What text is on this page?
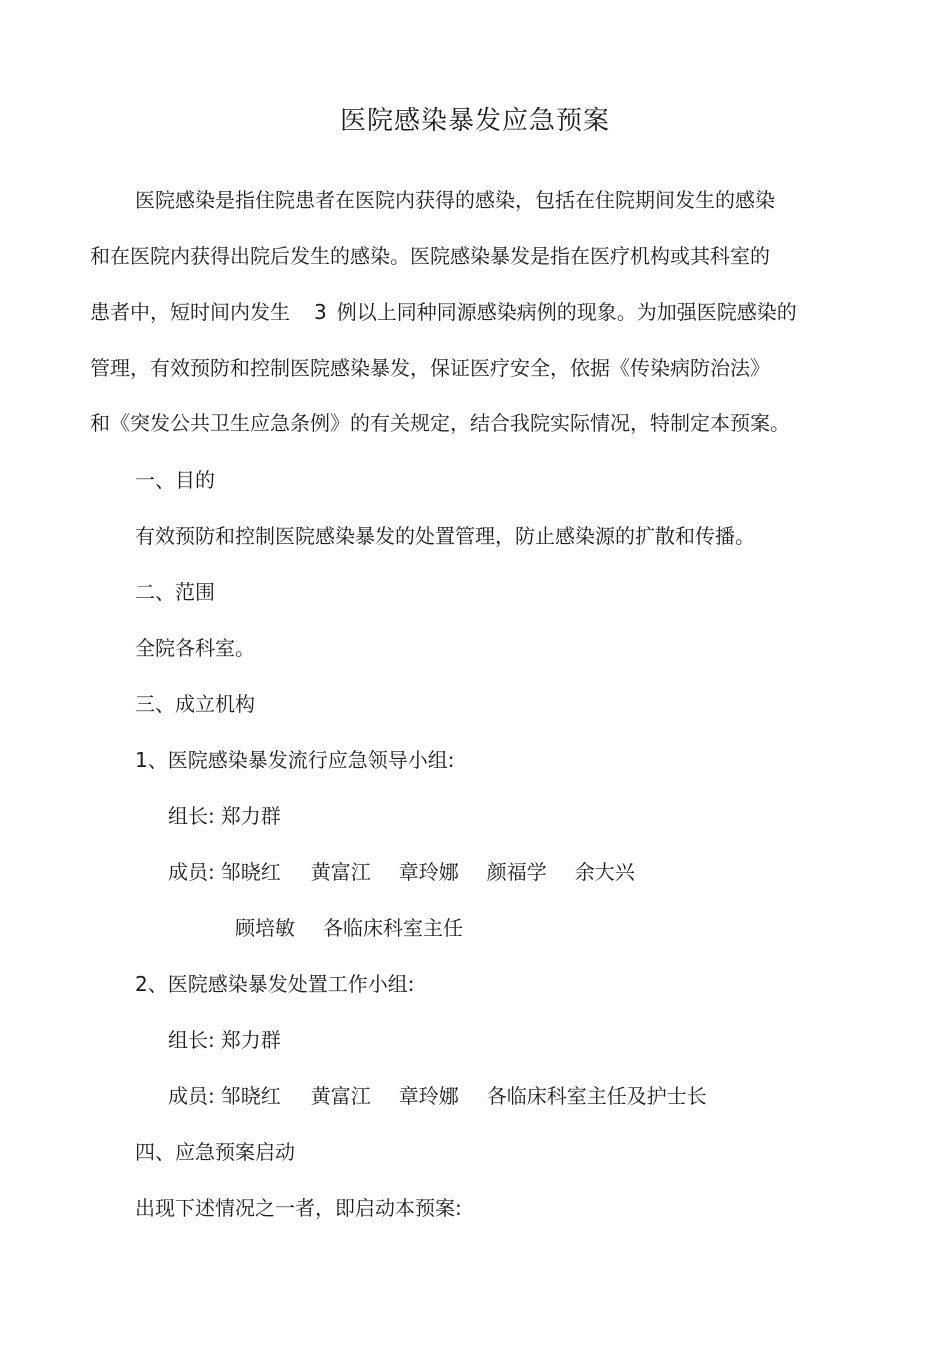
医院感染暴发应急预案
医院感染是指住院患者在医院内获得的感染，包括在住院期间发生的感染
和在医院内获得出院后发生的感染。医院感染暴发是指在医疗机构或其科室的
患者中，短时间内发生 3 例以上同种同源感染病例的现象。为加强医院感染的
管理，有效预防和控制医院感染暴发，保证医疗安全，依据《传染病防治法》
和《突发公共卫生应急条例》的有关规定，结合我院实际情况，特制定本预案。
一、目的
有效预防和控制医院感染暴发的处置管理，防止感染源的扩散和传播。
二、范围
全院各科室。
三、成立机构
1、医院感染暴发流行应急领导小组:
组长: 郑力群
成员: 邹晓红 黄富江 章玲娜 颜福学 余大兴
顾培敏 各临床科室主任
2、医院感染暴发处置工作小组:
组长: 郑力群
成员: 邹晓红 黄富江 章玲娜 各临床科室主任及护士长
四、应急预案启动
出现下述情况之一者，即启动本预案:
